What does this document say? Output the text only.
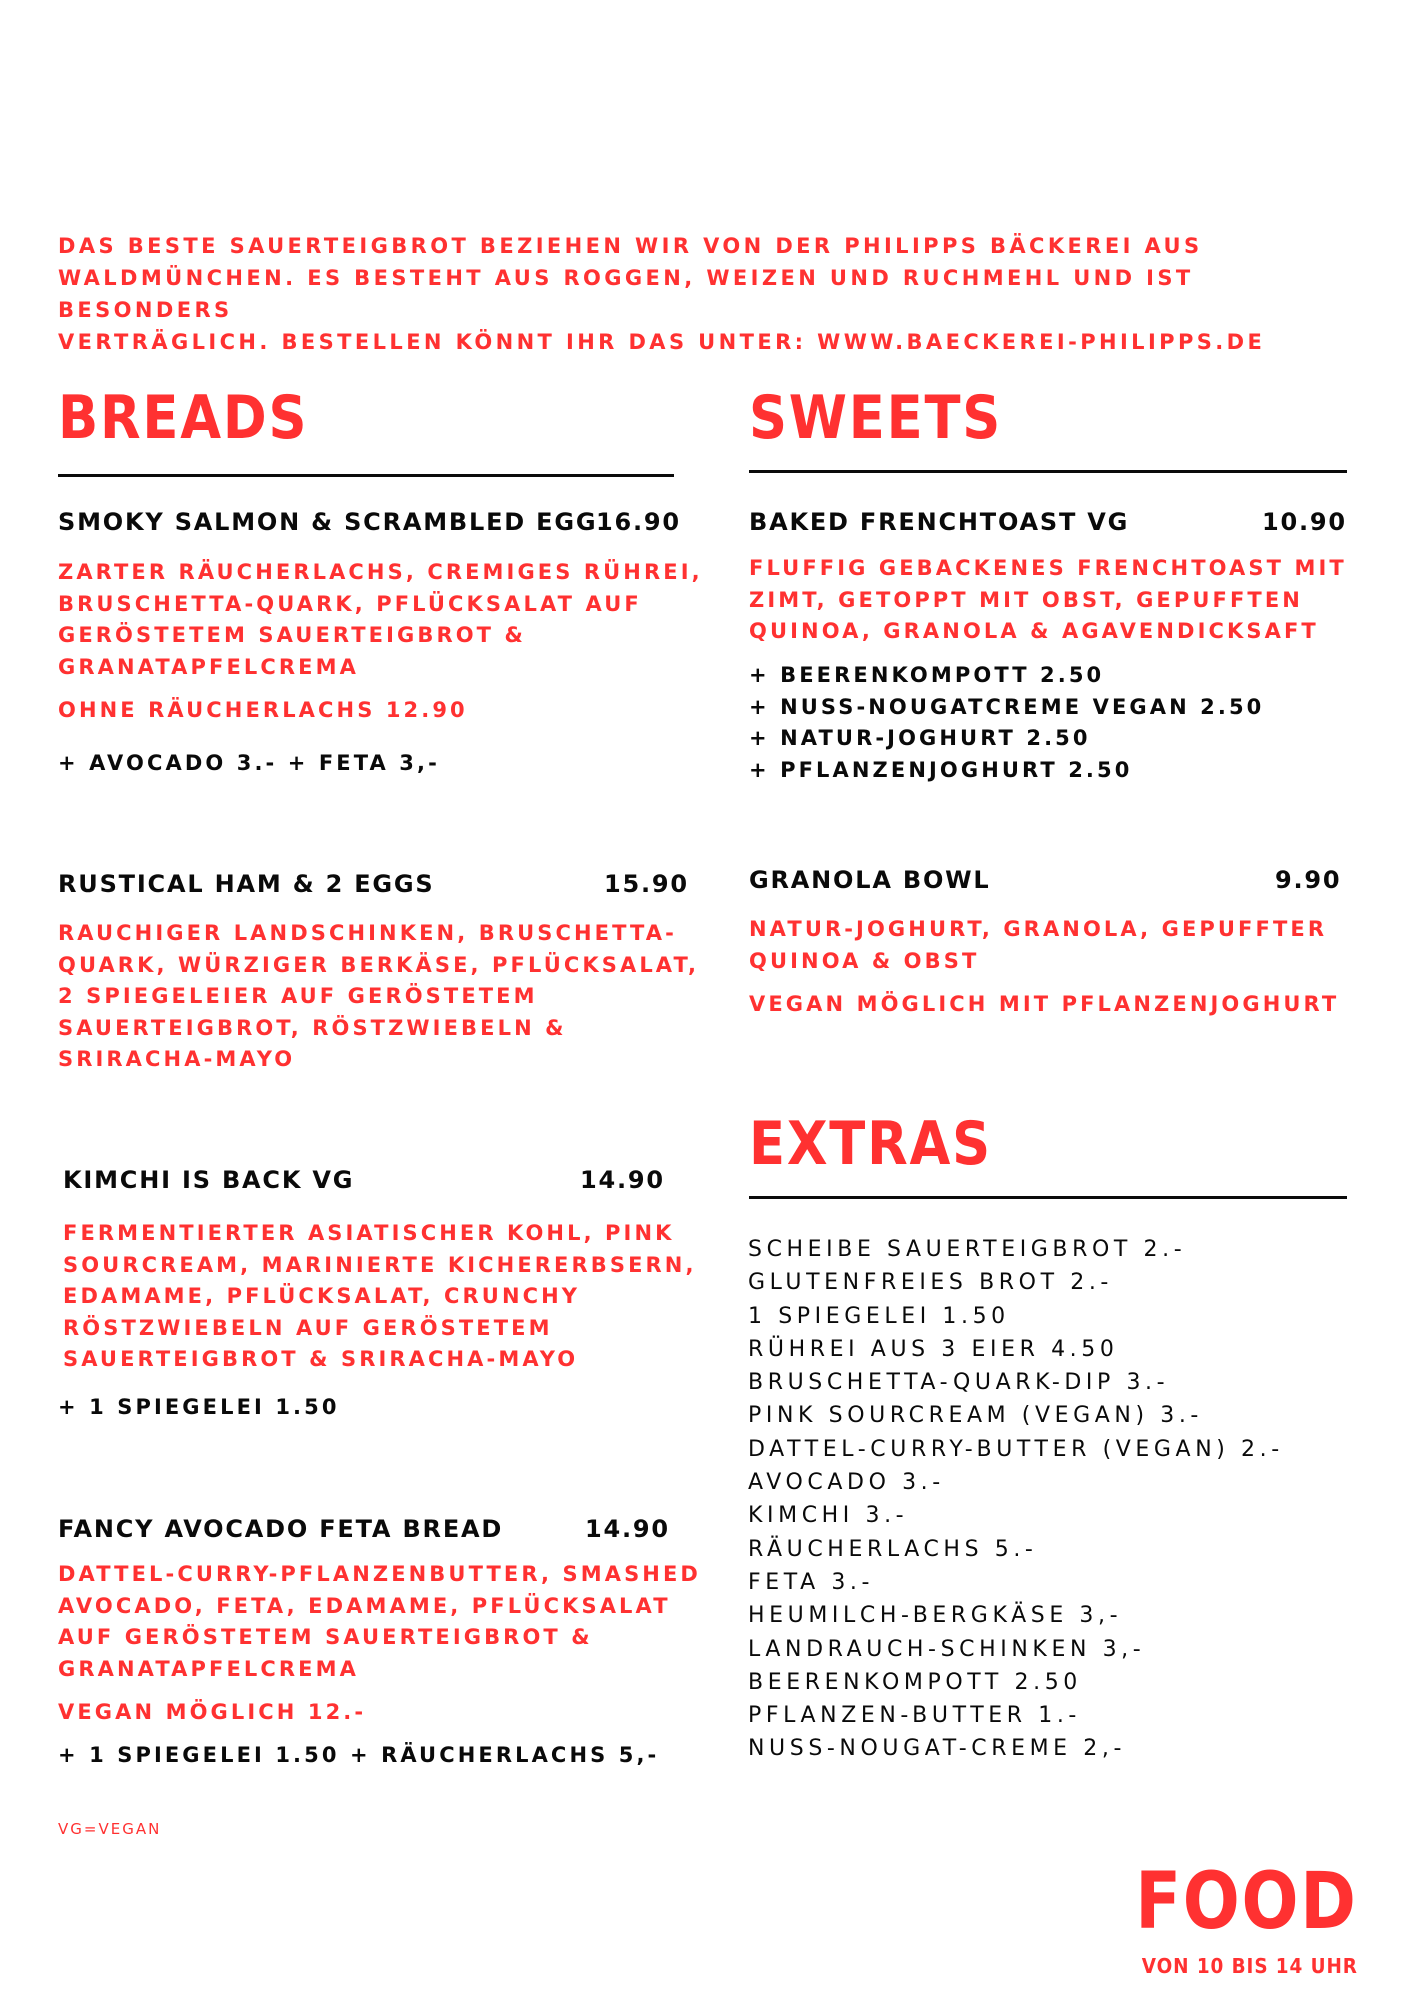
DAS BESTE SAUERTEIGBROT BEZIEHEN WIR VON DER PHILIPPS BÄCKEREI AUS
WALDMÜNCHEN. ES BESTEHT AUS ROGGEN, WEIZEN UND RUCHMEHL UND IST BESONDERS
VERTRÄGLICH. BESTELLEN KÖNNT IHR DAS UNTER: WWW.BAECKEREI-PHILIPPS.DE
BREADS
SMOKY SALMON & SCRAMBLED EGG
16.90
ZARTER RÄUCHERLACHS, CREMIGES RÜHREI,
BRUSCHETTA-QUARK, PFLÜCKSALAT AUF
GERÖSTETEM SAUERTEIGBROT &
GRANATAPFELCREMA
OHNE RÄUCHERLACHS 12.90
+ AVOCADO 3.- + FETA 3,-
RUSTICAL HAM & 2 EGGS	15.90
RAUCHIGER LANDSCHINKEN, BRUSCHETTA-
QUARK, WÜRZIGER BERKÄSE, PFLÜCKSALAT,
2 SPIEGELEIER AUF GERÖSTETEM
SAUERTEIGBROT, RÖSTZWIEBELN &
SRIRACHA-MAYO
KIMCHI IS BACK VG	14.90
FERMENTIERTER ASIATISCHER KOHL, PINK
SOURCREAM, MARINIERTE KICHERERBSERN,
EDAMAME, PFLÜCKSALAT, CRUNCHY
RÖSTZWIEBELN AUF GERÖSTETEM
SAUERTEIGBROT & SRIRACHA-MAYO
+ 1 SPIEGELEI 1.50
FANCY AVOCADO FETA BREAD	14.90
DATTEL-CURRY-PFLANZENBUTTER, SMASHED
AVOCADO, FETA, EDAMAME, PFLÜCKSALAT
AUF GERÖSTETEM SAUERTEIGBROT &
GRANATAPFELCREMA
VEGAN MÖGLICH 12.-
+ 1 SPIEGELEI 1.50 + RÄUCHERLACHS 5,-
SWEETS
BAKED FRENCHTOAST VG	10.90
FLUFFIG GEBACKENES FRENCHTOAST MIT
ZIMT, GETOPPT MIT OBST, GEPUFFTEN
QUINOA, GRANOLA & AGAVENDICKSAFT
+ BEERENKOMPOTT 2.50
+ NUSS-NOUGATCREME VEGAN 2.50
+ NATUR-JOGHURT 2.50
+ PFLANZENJOGHURT 2.50
GRANOLA BOWL	9.90
NATUR-JOGHURT, GRANOLA, GEPUFFTER
QUINOA & OBST
VEGAN MÖGLICH MIT PFLANZENJOGHURT
EXTRAS
SCHEIBE SAUERTEIGBROT 2.-
GLUTENFREIES BROT 2.-
1 SPIEGELEI 1.50
RÜHREI AUS 3 EIER 4.50
BRUSCHETTA-QUARK-DIP 3.-
PINK SOURCREAM (VEGAN) 3.-
DATTEL-CURRY-BUTTER (VEGAN) 2.-
AVOCADO 3.-
KIMCHI 3.-
RÄUCHERLACHS 5.-
FETA 3.-
HEUMILCH-BERGKÄSE 3,-
LANDRAUCH-SCHINKEN 3,-
BEERENKOMPOTT 2.50
PFLANZEN-BUTTER 1.-
NUSS-NOUGAT-CREME 2,-
VG=VEGAN
FOOD
VON 10 BIS 14 UHR
